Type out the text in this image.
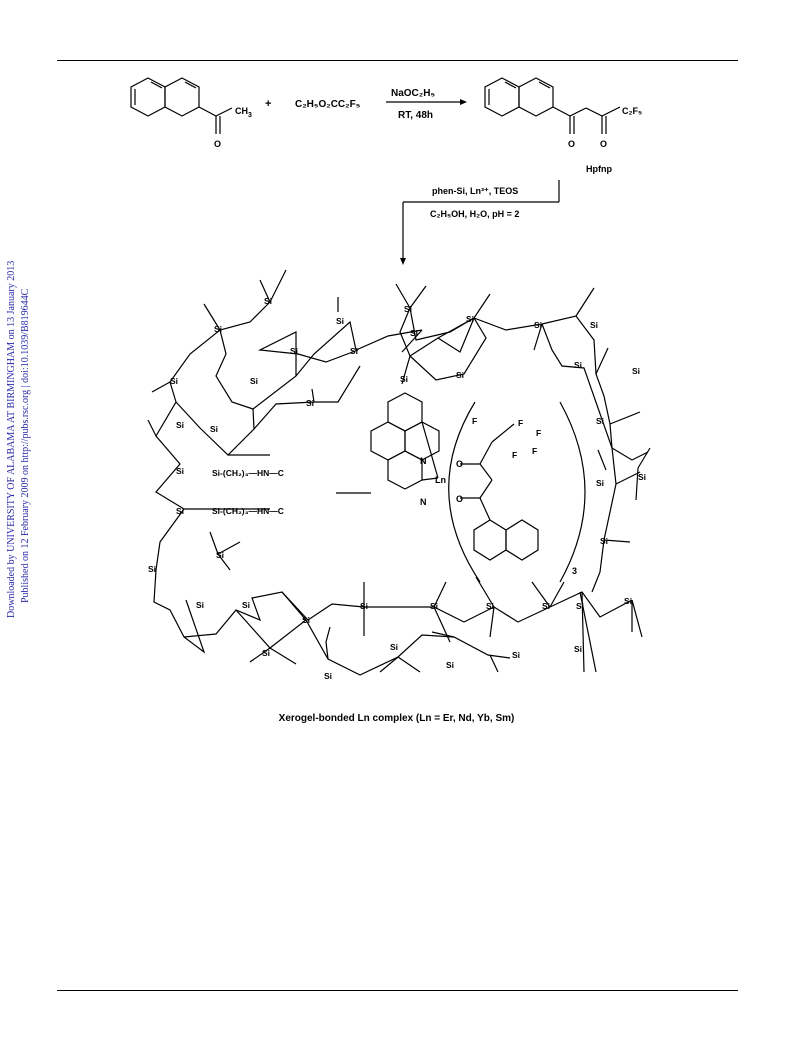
Downloaded by UNIVERSITY OF ALABAMA AT BIRMINGHAM on 13 January 2013 Published on 12 February 2009 on http://pubs.rsc.org | doi:10.1039/B819644C
$CH_3$
O
+ C₂H₅O₂CC₂F₅
NaOC₂H₅
RT, 48h
O	O
C₂F₅
Hpfnp
phen-Si, Ln³⁺, TEOS
C₂H₅OH, H₂O, pH = 2
Si
Si
Si
Si	Si
Si
Si
Si
Si	Si
Si
Si
Si
Si
Si	Si
Si
Si
Si
Si	Si
Si
Si
Si
Si
Si
Si
Si	Si
Si
Si
Si
Si	Si
Si
Si
Si
Si
Si
Si
Si
Si
N
N
Ln
Si-(CH₂)₃—HN—C
Si-(CH₂)₃—HN—C
F	F
F
F
F
O
O
3
Xerogel-bonded Ln complex (Ln = Er, Nd, Yb, Sm)
